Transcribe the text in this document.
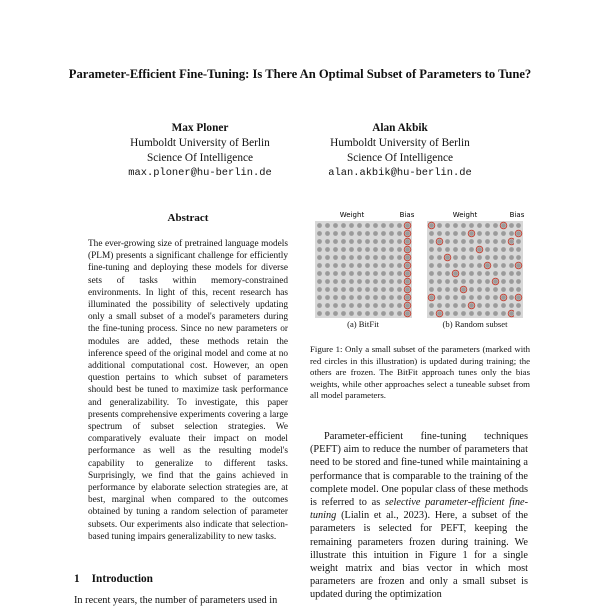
Parameter-Efficient Fine-Tuning: Is There An Optimal Subset of Parameters to Tune?
Max Ploner
Humboldt University of Berlin
Science Of Intelligence
max.ploner@hu-berlin.de
Alan Akbik
Humboldt University of Berlin
Science Of Intelligence
alan.akbik@hu-berlin.de
Abstract
The ever-growing size of pretrained language models (PLM) presents a significant challenge for efficiently fine-tuning and deploying these models for diverse sets of tasks within memory-constrained environments. In light of this, recent research has illuminated the possibility of selectively updating only a small subset of a model's parameters during the fine-tuning process. Since no new parameters or modules are added, these methods retain the inference speed of the original model and come at no additional computational cost. However, an open question pertains to which subset of parameters should best be tuned to maximize task performance and generalizability. To investigate, this paper presents comprehensive experiments covering a large spectrum of subset selection strategies. We comparatively evaluate their impact on model performance as well as the resulting model's capability to generalize to different tasks. Surprisingly, we find that the gains achieved in performance by elaborate selection strategies are, at best, marginal when compared to the outcomes obtained by tuning a random selection of parameter subsets. Our experiments also indicate that selection-based tuning impairs generalizability to new tasks.
1 Introduction
In recent years, the number of parameters used in
Weight	Bias	Weight	Bias
(a) BitFit	(b) Random subset
Figure 1: Only a small subset of the parameters (marked with red circles in this illustration) is updated during training; the others are frozen. The BitFit approach tunes only the bias weights, while other approaches select a tuneable subset from all model parameters.
Parameter-efficient fine-tuning techniques (PEFT) aim to reduce the number of parameters that need to be stored and fine-tuned while maintaining a performance that is comparable to the training of the complete model. One popular class of these methods is referred to as selective parameter-efficient fine-tuning (Lialin et al., 2023). Here, a subset of the parameters is selected for PEFT, keeping the remaining parameters frozen during training. We illustrate this intuition in Figure 1 for a single weight matrix and bias vector in which most parameters are frozen and only a small subset is updated during the optimization
